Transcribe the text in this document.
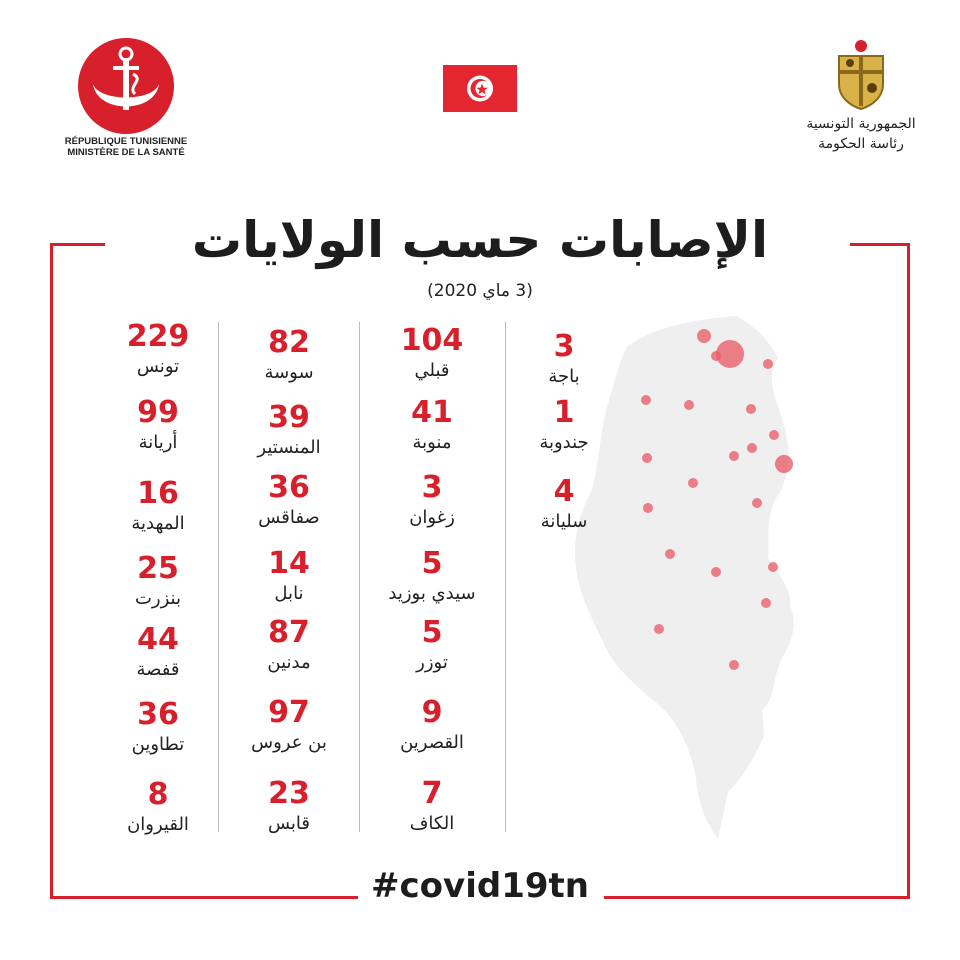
RÉPUBLIQUE TUNISIENNE
MINISTÈRE DE LA SANTÉ
الجمهورية التونسية
رئاسة الحكومة
الإصابات حسب الولايات
(3 ماي 2020)
#covid19tn
229
تونس
99
أريانة
16
المهدية
25
بنزرت
44
قفصة
36
تطاوين
8
القيروان
82
سوسة
39
المنستير
36
صفاقس
14
نابل
87
مدنين
97
بن عروس
23
قابس
104
قبلي
41
منوبة
3
زغوان
5
سيدي بوزيد
5
توزر
9
القصرين
7
الكاف
3
باجة
1
جندوبة
4
سليانة
